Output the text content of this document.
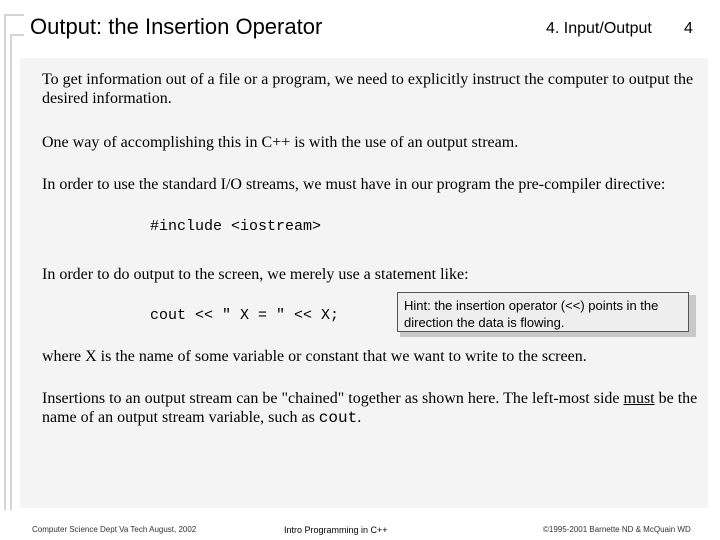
Output: the Insertion Operator	4. Input/Output 4

To get information out of a file or a program, we need to explicitly instruct the computer to output the desired information.

One way of accomplishing this in C++ is with the use of an output stream.

In order to use the standard I/O streams, we must have in our program the pre-compiler directive:

#include <iostream>

In order to do output to the screen, we merely use a statement like:

cout << " X = " << X;
Hint: the insertion operator (<<) points in the direction the data is flowing.

where X is the name of some variable or constant that we want to write to the screen.

Insertions to an output stream can be "chained" together as shown here. The left-most side must be the name of an output stream variable, such as cout.

Computer Science Dept Va Tech August, 2002	Intro Programming in C++	©1995-2001 Barnette ND & McQuain WD
